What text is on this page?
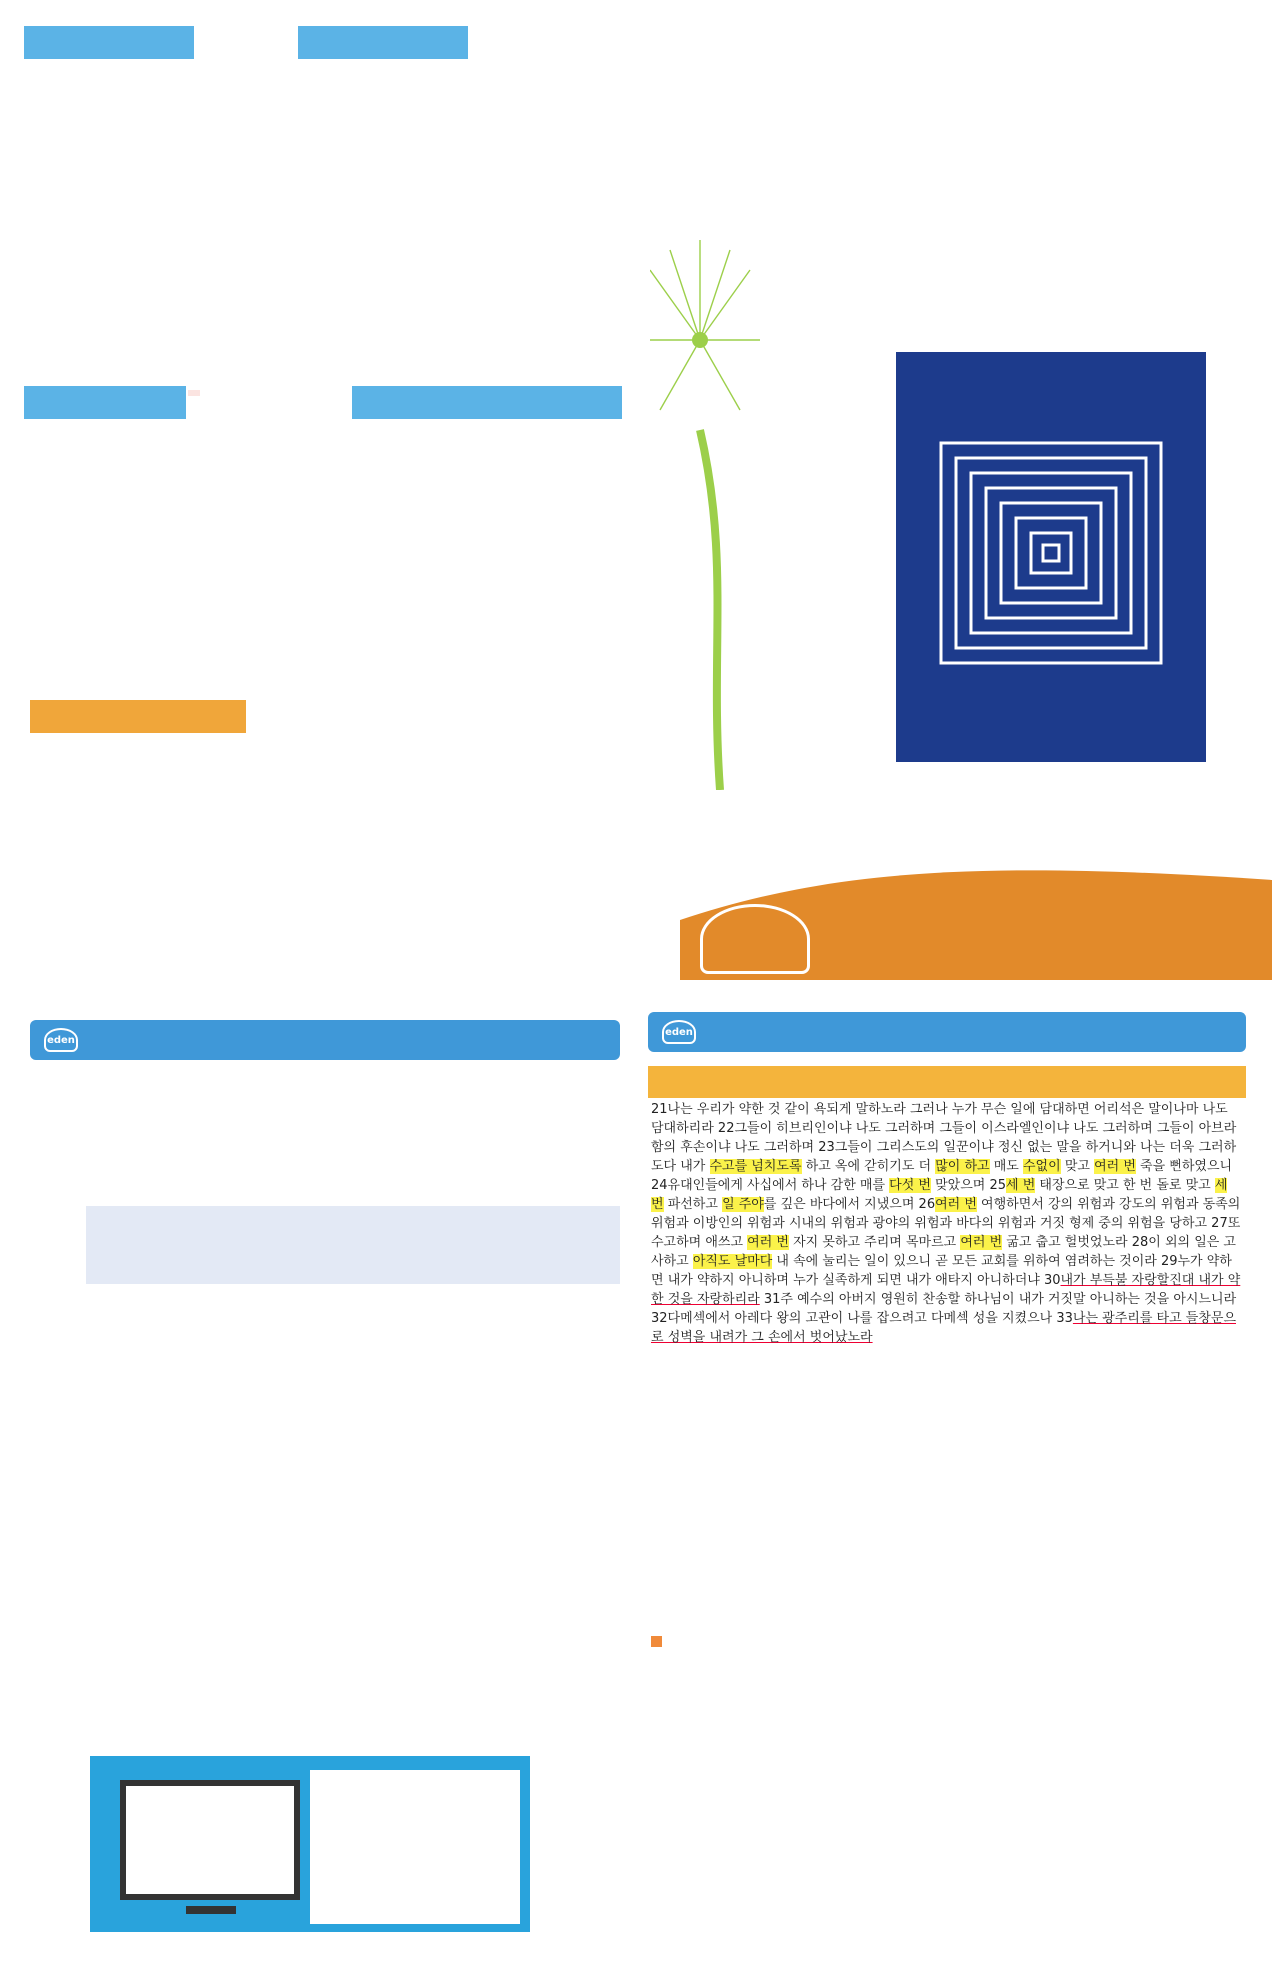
eden
eden
21나는 우리가 약한 것 같이 욕되게 말하노라 그러나 누가 무슨 일에 담대하면 어리석은 말이나마 나도 담대하리라 22그들이 히브리인이냐 나도 그러하며 그들이 이스라엘인이냐 나도 그러하며 그들이 아브라함의 후손이냐 나도 그러하며 23그들이 그리스도의 일꾼이냐 정신 없는 말을 하거니와 나는 더욱 그러하도다 내가 수고를 넘치도록 하고 옥에 갇히기도 더 많이 하고 매도 수없이 맞고 여러 번 죽을 뻔하였으니 24유대인들에게 사십에서 하나 감한 매를 다섯 번 맞았으며 25세 번 태장으로 맞고 한 번 돌로 맞고 세 번 파선하고 일 주야를 깊은 바다에서 지냈으며 26여러 번 여행하면서 강의 위험과 강도의 위험과 동족의 위험과 이방인의 위험과 시내의 위험과 광야의 위험과 바다의 위험과 거짓 형제 중의 위험을 당하고 27또 수고하며 애쓰고 여러 번 자지 못하고 주리며 목마르고 여러 번 굶고 춥고 헐벗었노라 28이 외의 일은 고사하고 아직도 날마다 내 속에 눌리는 일이 있으니 곧 모든 교회를 위하여 염려하는 것이라 29누가 약하면 내가 약하지 아니하며 누가 실족하게 되면 내가 애타지 아니하더냐 30내가 부득불 자랑할진대 내가 약한 것을 자랑하리라 31주 예수의 아버지 영원히 찬송할 하나님이 내가 거짓말 아니하는 것을 아시느니라 32다메섹에서 아레다 왕의 고관이 나를 잡으려고 다메섹 성을 지켰으나 33나는 광주리를 타고 들창문으로 성벽을 내려가 그 손에서 벗어났노라
